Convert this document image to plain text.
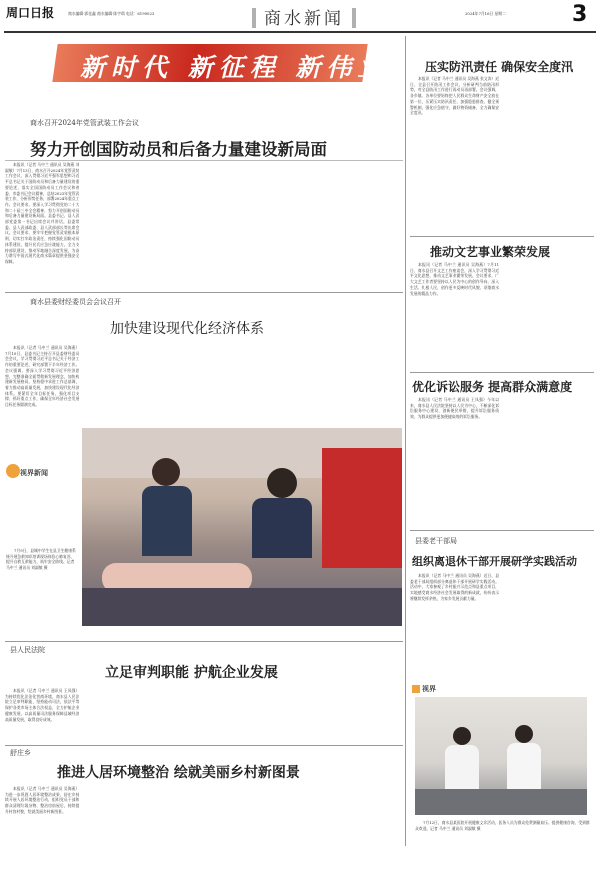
周口日报	商水编辑·郭佳鑫 商水编辑·陈宇琪 电话：6199023	商水新闻	2024年7月16日 星期二	3
新时代 新征程 新伟业
商水召开2024年党管武装工作会议
努力开创国防动员和后备力量建设新局面
本报讯（记者 马中兰 通讯员 吴海燕 刘淑敏）7月13日，商水召开2024年党管武装工作会议，深入贯彻习近平强军思想和习近平总书记关于国防动员和后备力量建设的重要论述，落实全国国防动员工作会议和省委、市委书记会议精神，总结2023年党管武装工作，分析形势任务，部署2024年重点工作。会议要求，要深入学习贯彻党的二十大和二十届三中全会精神，努力开创国防动员和后备力量建设新局面。县委书记、县人武部党委第一书记出席会议并讲话。县委常委、县人武部政委、县人武部部长等出席会议。会议要求，要牢牢把握党管武装根本原则，切实扛牢政治责任，持续强化国防动员体系建设，提升民兵应急应战能力，全力支持部队建设，推动军地融合深度发展，为奋力谱写中国式现代化商水篇章提供坚强安全保障。
商水县委财经委员会会议召开
加快建设现代化经济体系
本报讯（记者 马中兰 通讯员 吴海燕）7月10日，县委书记主持召开县委财经委员会会议，学习贯彻习近平总书记关于经济工作的重要论述，研究部署下半年经济工作。会议强调，要深入学习贯彻习近平经济思想，完整准确全面贯彻新发展理念，加快构建新发展格局，坚持稳中求进工作总基调，着力推动高质量发展，加快建设现代化经济体系。要紧盯全年目标任务，强化项目支撑，抓好重点工作，确保全年经济社会发展目标任务圆满完成。
视界新闻
7月9日，县城中学生在县卫生健康系统开展急救知识培训现场体验心肺复苏，提升自救互救能力，筑牢安全防线。记者 马中兰 通讯员 刘淑敏 摄
压实防汛责任 确保安全度汛
本报讯（记者 马中兰 通讯员 吴海燕 张文涛）近日，全县召开防汛工作会议，分析研判当前防汛形势，对全县防汛工作进行再动员再部署。会议强调，各乡镇、各单位要始终把人民群众生命财产安全放在第一位，压紧压实防汛责任，加强隐患排查，健全预警机制，强化应急值守，做好物资储备，全力确保安全度汛。
推动文艺事业繁荣发展
本报讯（记者 马中兰 通讯员 吴海燕）7月11日，商水县召开文艺工作座谈会，深入学习贯彻习近平文化思想，推动文艺事业繁荣发展。会议要求，广大文艺工作者要坚持以人民为中心的创作导向，深入生活、扎根人民，创作更多反映时代风貌、讴歌商水发展的精品力作。
优化诉讼服务 提高群众满意度
本报讯（记者 马中兰 通讯员 王凤强）今年以来，商水县人民法院坚持以人民为中心，不断深化诉讼服务中心建设，创新便民举措，提升诉讼服务质效，为群众提供更加便捷高效的诉讼服务。
县委老干部局
组织离退休干部开展研学实践活动
本报讯（记者 马中兰 通讯员 吴海燕）近日，县委老干部局组织部分离退休干部开展研学实践活动。活动中，大家参观了乡村振兴示范点和县重点项目，实地感受商水经济社会发展取得的新成就，纷纷表示将继续发挥余热，为家乡发展贡献力量。
视界
7月12日，商水县某医院开展健康义诊活动，医务人员为群众免费测量血压、提供健康咨询，受到群众欢迎。记者 马中兰 通讯员 刘淑敏 摄
县人民法院
立足审判职能 护航企业发展
本报讯（记者 马中兰 通讯员 王凤强）为持续优化法治化营商环境，商水县人民法院立足审判职能，坚持能动司法，依法平等保护各类市场主体合法权益，全力护航企业健康发展，以高质量司法服务保障县域经济高质量发展，取得良好成效。
舒庄乡
推进人居环境整治 绘就美丽乡村新图景
本报讯（记者 马中兰 通讯员 吴海燕）为进一步巩固人居环境整治成果，舒庄乡持续开展人居环境整治行动，组织党员干部和群众清理垃圾杂物、整治房前屋后，持续提升村容村貌，绘就美丽乡村新图景。
